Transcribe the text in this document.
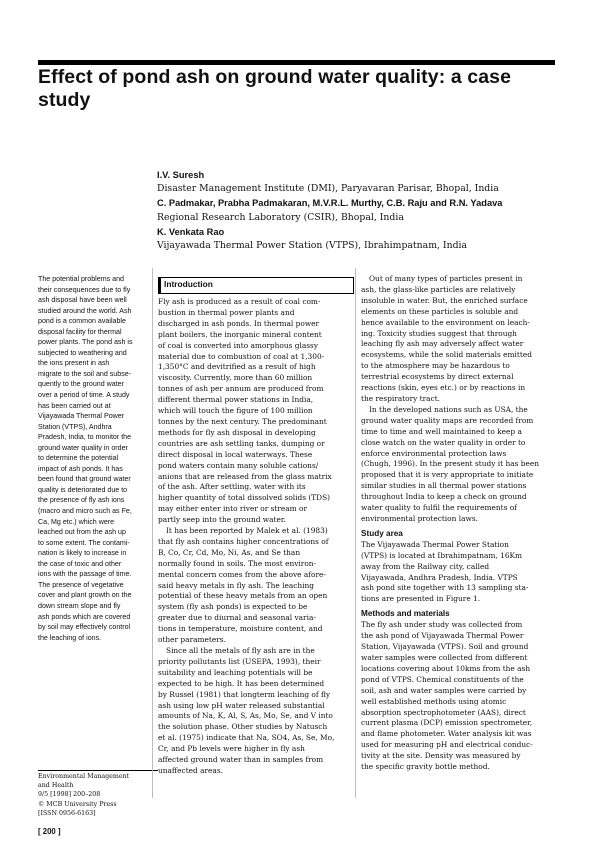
Effect of pond ash on ground water quality: a case
study
I.V. Suresh
Disaster Management Institute (DMI), Paryavaran Parisar, Bhopal, India
C. Padmakar, Prabha Padmakaran, M.V.R.L. Murthy, C.B. Raju and R.N. Yadava
Regional Research Laboratory (CSIR), Bhopal, India
K. Venkata Rao
Vijayawada Thermal Power Station (VTPS), Ibrahimpatnam, India
The potential problems and
their consequences due to fly
ash disposal have been well
studied around the world. Ash
pond is a common available
disposal facility for thermal
power plants. The pond ash is
subjected to weathering and
the ions present in ash
migrate to the soil and subse-
quently to the ground water
over a period of time. A study
has been carried out at
Vijayawada Thermal Power
Station (VTPS), Andhra
Pradesh, India, to monitor the
ground water quality in order
to determine the potential
impact of ash ponds. It has
been found that ground water
quality is deteriorated due to
the presence of fly ash ions
(macro and micro such as Fe,
Ca, Mg etc.) which were
leached out from the ash up
to some extent. The contami-
nation is likely to increase in
the case of toxic and other
ions with the passage of time.
The presence of vegetative
cover and plant growth on the
down stream slope and fly
ash ponds which are covered
by soil may effectively control
the leaching of ions.
Environmental Management
and Health
9/5 [1998] 200–208
© MCB University Press
[ISSN 0956-6163]
[ 200 ]
Introduction
Fly ash is produced as a result of coal com-
bustion in thermal power plants and
discharged in ash ponds. In thermal power
plant boilers, the inorganic mineral content
of coal is converted into amorphous glassy
material due to combustion of coal at 1,300-
1,350°C and devitrified as a result of high
viscosity. Currently, more than 60 million
tonnes of ash per annum are produced from
different thermal power stations in India,
which will touch the figure of 100 million
tonnes by the next century. The predominant
methods for fly ash disposal in developing
countries are ash settling tanks, dumping or
direct disposal in local waterways. These
pond waters contain many soluble cations/
anions that are released from the glass matrix
of the ash. After settling, water with its
higher quantity of total dissolved solids (TDS)
may either enter into river or stream or
partly seep into the ground water.
It has been reported by Malek et al. (1983)
that fly ash contains higher concentrations of
B, Co, Cr, Cd, Mo, Ni, As, and Se than
normally found in soils. The most environ-
mental concern comes from the above afore-
said heavy metals in fly ash. The leaching
potential of these heavy metals from an open
system (fly ash ponds) is expected to be
greater due to diurnal and seasonal varia-
tions in temperature, moisture content, and
other parameters.
Since all the metals of fly ash are in the
priority pollutants list (USEPA, 1993), their
suitability and leaching potentials will be
expected to be high. It has been determined
by Russel (1981) that longterm leaching of fly
ash using low pH water released substantial
amounts of Na, K, Al, S, As, Mo, Se, and V into
the solution phase. Other studies by Natusch
et al. (1975) indicate that Na, SO4, As, Se, Mo,
Cr, and Pb levels were higher in fly ash
affected ground water than in samples from
unaffected areas.
Out of many types of particles present in
ash, the glass-like particles are relatively
insoluble in water. But, the enriched surface
elements on these particles is soluble and
hence available to the environment on leach-
ing. Toxicity studies suggest that through
leaching fly ash may adversely affect water
ecosystems, while the solid materials emitted
to the atmosphere may be hazardous to
terrestrial ecosystems by direct external
reactions (skin, eyes etc.) or by reactions in
the respiratory tract.
In the developed nations such as USA, the
ground water quality maps are recorded from
time to time and well maintained to keep a
close watch on the water quality in order to
enforce environmental protection laws
(Chugh, 1996). In the present study it has been
proposed that it is very appropriate to initiate
similar studies in all thermal power stations
throughout India to keep a check on ground
water quality to fulfil the requirements of
environmental protection laws.
Study area
The Vijayawada Thermal Power Station
(VTPS) is located at Ibrahimpatnam, 16Km
away from the Railway city, called
Vijayawada, Andhra Pradesh, India. VTPS
ash pond site together with 13 sampling sta-
tions are presented in Figure 1.
Methods and materials
The fly ash under study was collected from
the ash pond of Vijayawada Thermal Power
Station, Vijayawada (VTPS). Soil and ground
water samples were collected from different
locations covering about 10kms from the ash
pond of VTPS. Chemical constituents of the
soil, ash and water samples were carried by
well established methods using atomic
absorption spectrophotometer (AAS), direct
current plasma (DCP) emission spectrometer,
and flame photometer. Water analysis kit was
used for measuring pH and electrical conduc-
tivity at the site. Density was measured by
the specific gravity bottle method.
